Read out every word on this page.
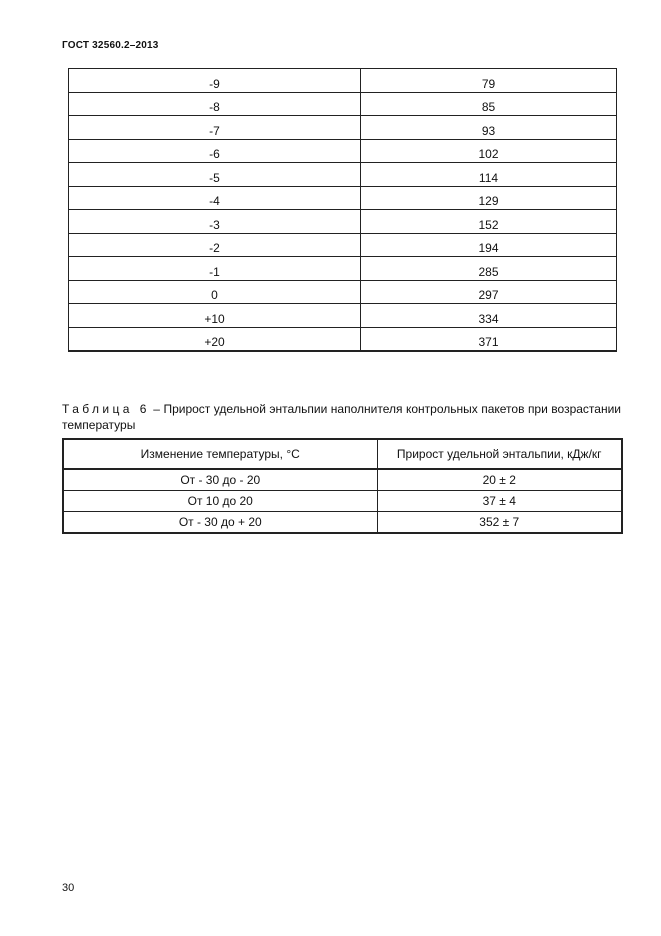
ГОСТ 32560.2–2013
-9	79
-8	85
-7	93
-6	102
-5	114
-4	129
-3	152
-2	194
-1	285
0	297
+10	334
+20	371
Таблица 6 – Прирост удельной энтальпии наполнителя контрольных пакетов при возрастании температуры
Изменение температуры, °С	Прирост удельной энтальпии, кДж/кг
От - 30 до - 20	20 ± 2
От 10 до 20	37 ± 4
От - 30 до + 20	352 ± 7
30
